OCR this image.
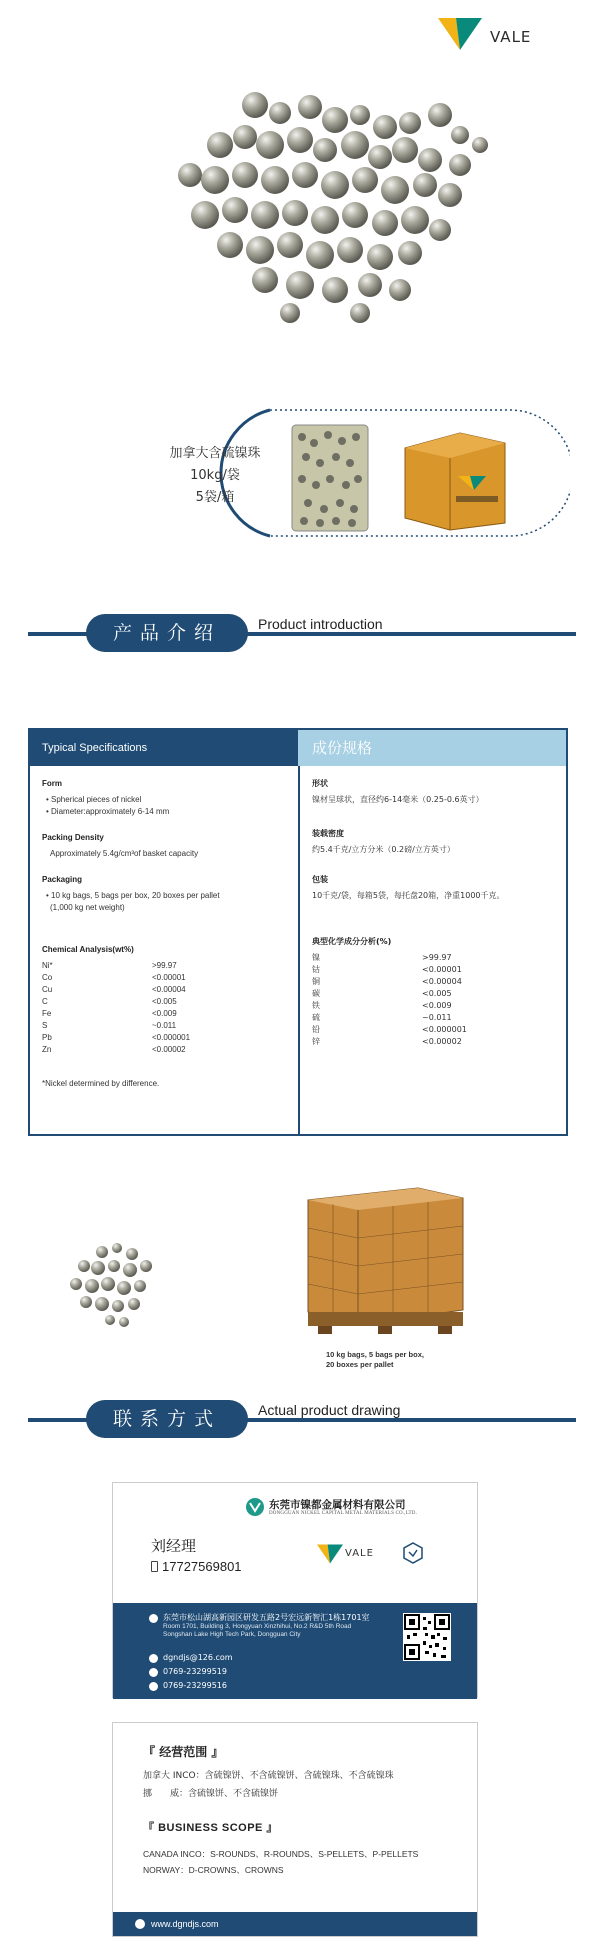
VALE
加拿大含硫镍珠
10kg/袋
5袋/箱
产品介绍	Product introduction
Typical Specifications	成份规格
Form
• Spherical pieces of nickel
• Diameter:approximately 6-14 mm
Packing Density
Approximately 5.4g/cm³of basket capacity
Packaging
• 10 kg bags, 5 bags per box, 20 boxes per pallet
(1,000 kg net weight)
Chemical Analysis(wt%)
Ni*	>99.97
Co	<0.00001
Cu	<0.00004
C	<0.005
Fe	<0.009
S	~0.011
Pb	<0.000001
Zn	<0.00002
*Nickel determined by difference.
形状
镍材呈球状，直径约6-14毫米（0.25-0.6英寸）
装载密度
约5.4千克/立方分米（0.2磅/立方英寸）
包装
10千克/袋，每箱5袋，每托盘20箱，净重1000千克。
典型化学成分分析(%)
镍	>99.97
钴	<0.00001
铜	<0.00004
碳	<0.005
铁	<0.009
硫	~0.011
铅	<0.000001
锌	<0.00002
10 kg bags, 5 bags per box,
20 boxes per pallet
联系方式	Actual product drawing
东莞市镍都金属材料有限公司
DONGGUAN NICKEL CAPITAL METAL MATERIALS CO.,LTD.
刘经理
17727569801
VALE
东莞市松山湖高新园区研发五路2号宏远新智汇1栋1701室
Room 1701, Building 3, Hongyuan Xinzhihui, No.2 R&D 5th Road
Songshan Lake High Tech Park, Dongguan City
dgndjs@126.com
0769-23299519
0769-23299516
『 经营范围 』
加拿大 INCO：含硫镍饼、不含硫镍饼、含硫镍珠、不含硫镍珠
挪　　威：含硫镍饼、不含硫镍饼
『 BUSINESS SCOPE 』
CANADA INCO：S-ROUNDS、R-ROUNDS、S-PELLETS、P-PELLETS
NORWAY：D-CROWNS、CROWNS
www.dgndjs.com
